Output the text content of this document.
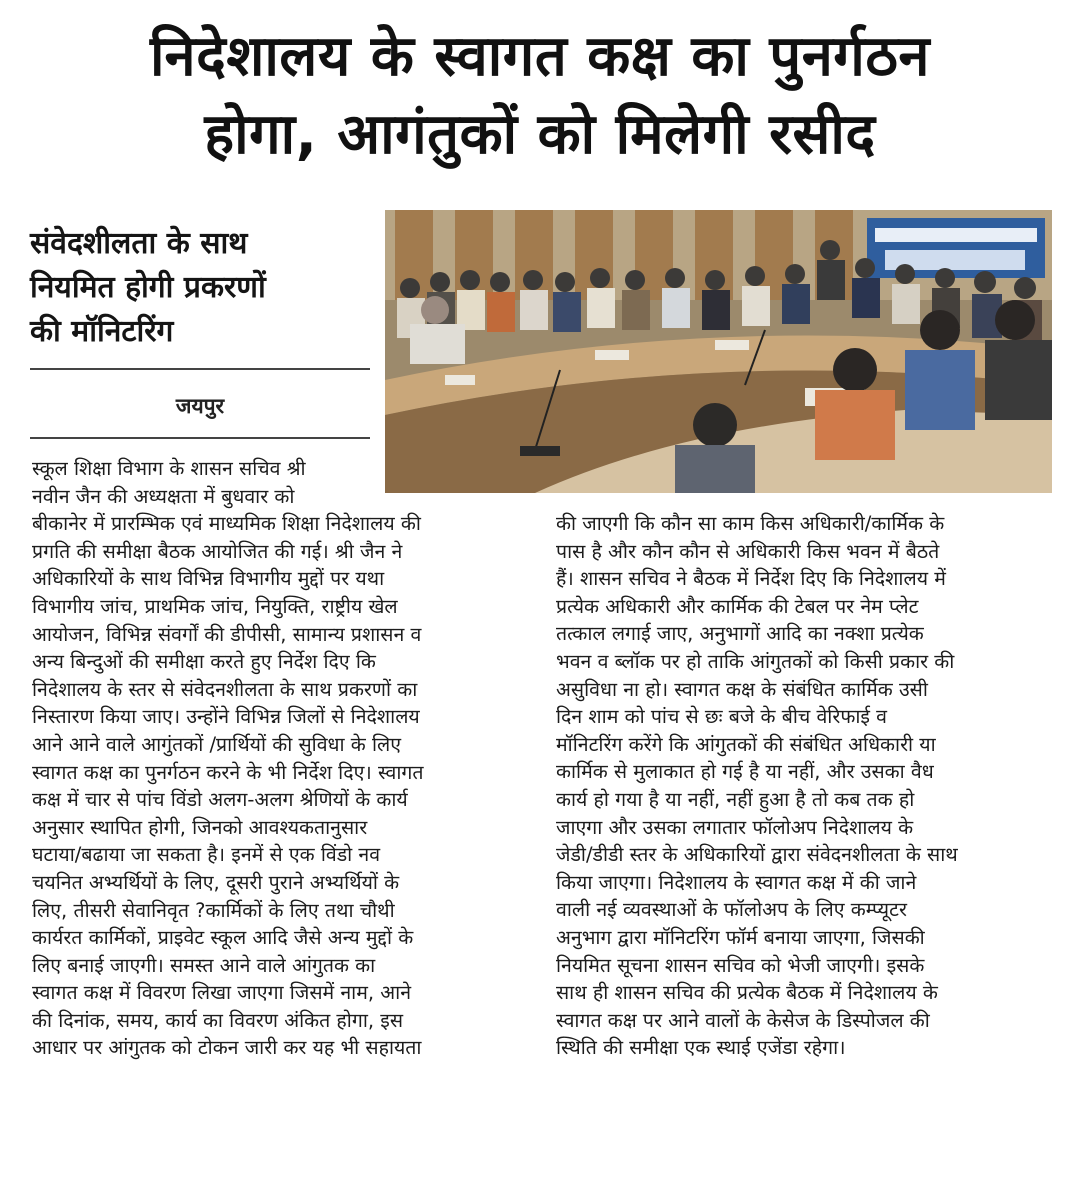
निदेशालय के स्वागत कक्ष का पुनर्गठन
होगा, आगंतुकों को मिलेगी रसीद
संवेदशीलता के साथ
नियमित होगी प्रकरणों
की मॉनिटरिंग
जयपुर
स्कूल शिक्षा विभाग के शासन सचिव श्री
नवीन जैन की अध्यक्षता में बुधवार को
बीकानेर में प्रारम्भिक एवं माध्यमिक शिक्षा निदेशालय की
प्रगति की समीक्षा बैठक आयोजित की गई। श्री जैन ने
अधिकारियों के साथ विभिन्न विभागीय मुद्दों पर यथा
विभागीय जांच, प्राथमिक जांच, नियुक्ति, राष्ट्रीय खेल
आयोजन, विभिन्न संवर्गों की डीपीसी, सामान्य प्रशासन व
अन्य बिन्दुओं की समीक्षा करते हुए निर्देश दिए कि
निदेशालय के स्तर से संवेदनशीलता के साथ प्रकरणों का
निस्तारण किया जाए। उन्होंने विभिन्न जिलों से निदेशालय
आने आने वाले आगुंतकों /प्रार्थियों की सुविधा के लिए
स्वागत कक्ष का पुनर्गठन करने के भी निर्देश दिए। स्वागत
कक्ष में चार से पांच विंडो अलग-अलग श्रेणियों के कार्य
अनुसार स्थापित होगी, जिनको आवश्यकतानुसार
घटाया/बढाया जा सकता है। इनमें से एक विंडो नव
चयनित अभ्यर्थियों के लिए, दूसरी पुराने अभ्यर्थियों के
लिए, तीसरी सेवानिवृत ?कार्मिकों के लिए तथा चौथी
कार्यरत कार्मिकों, प्राइवेट स्कूल आदि जैसे अन्य मुद्दों के
लिए बनाई जाएगी। समस्त आने वाले आंगुतक का
स्वागत कक्ष में विवरण लिखा जाएगा जिसमें नाम, आने
की दिनांक, समय, कार्य का विवरण अंकित होगा, इस
आधार पर आंगुतक को टोकन जारी कर यह भी सहायता
की जाएगी कि कौन सा काम किस अधिकारी/कार्मिक के
पास है और कौन कौन से अधिकारी किस भवन में बैठते
हैं। शासन सचिव ने बैठक में निर्देश दिए कि निदेशालय में
प्रत्येक अधिकारी और कार्मिक की टेबल पर नेम प्लेट
तत्काल लगाई जाए, अनुभागों आदि का नक्शा प्रत्येक
भवन व ब्लॉक पर हो ताकि आंगुतकों को किसी प्रकार की
असुविधा ना हो। स्वागत कक्ष के संबंधित कार्मिक उसी
दिन शाम को पांच से छः बजे के बीच वेरिफाई व
मॉनिटरिंग करेंगे कि आंगुतकों की संबंधित अधिकारी या
कार्मिक से मुलाकात हो गई है या नहीं, और उसका वैध
कार्य हो गया है या नहीं, नहीं हुआ है तो कब तक हो
जाएगा और उसका लगातार फॉलोअप निदेशालय के
जेडी/डीडी स्तर के अधिकारियों द्वारा संवेदनशीलता के साथ
किया जाएगा। निदेशालय के स्वागत कक्ष में की जाने
वाली नई व्यवस्थाओं के फॉलोअप के लिए कम्प्यूटर
अनुभाग द्वारा मॉनिटरिंग फॉर्म बनाया जाएगा, जिसकी
नियमित सूचना शासन सचिव को भेजी जाएगी। इसके
साथ ही शासन सचिव की प्रत्येक बैठक में निदेशालय के
स्वागत कक्ष पर आने वालों के केसेज के डिस्पोजल की
स्थिति की समीक्षा एक स्थाई एजेंडा रहेगा।
